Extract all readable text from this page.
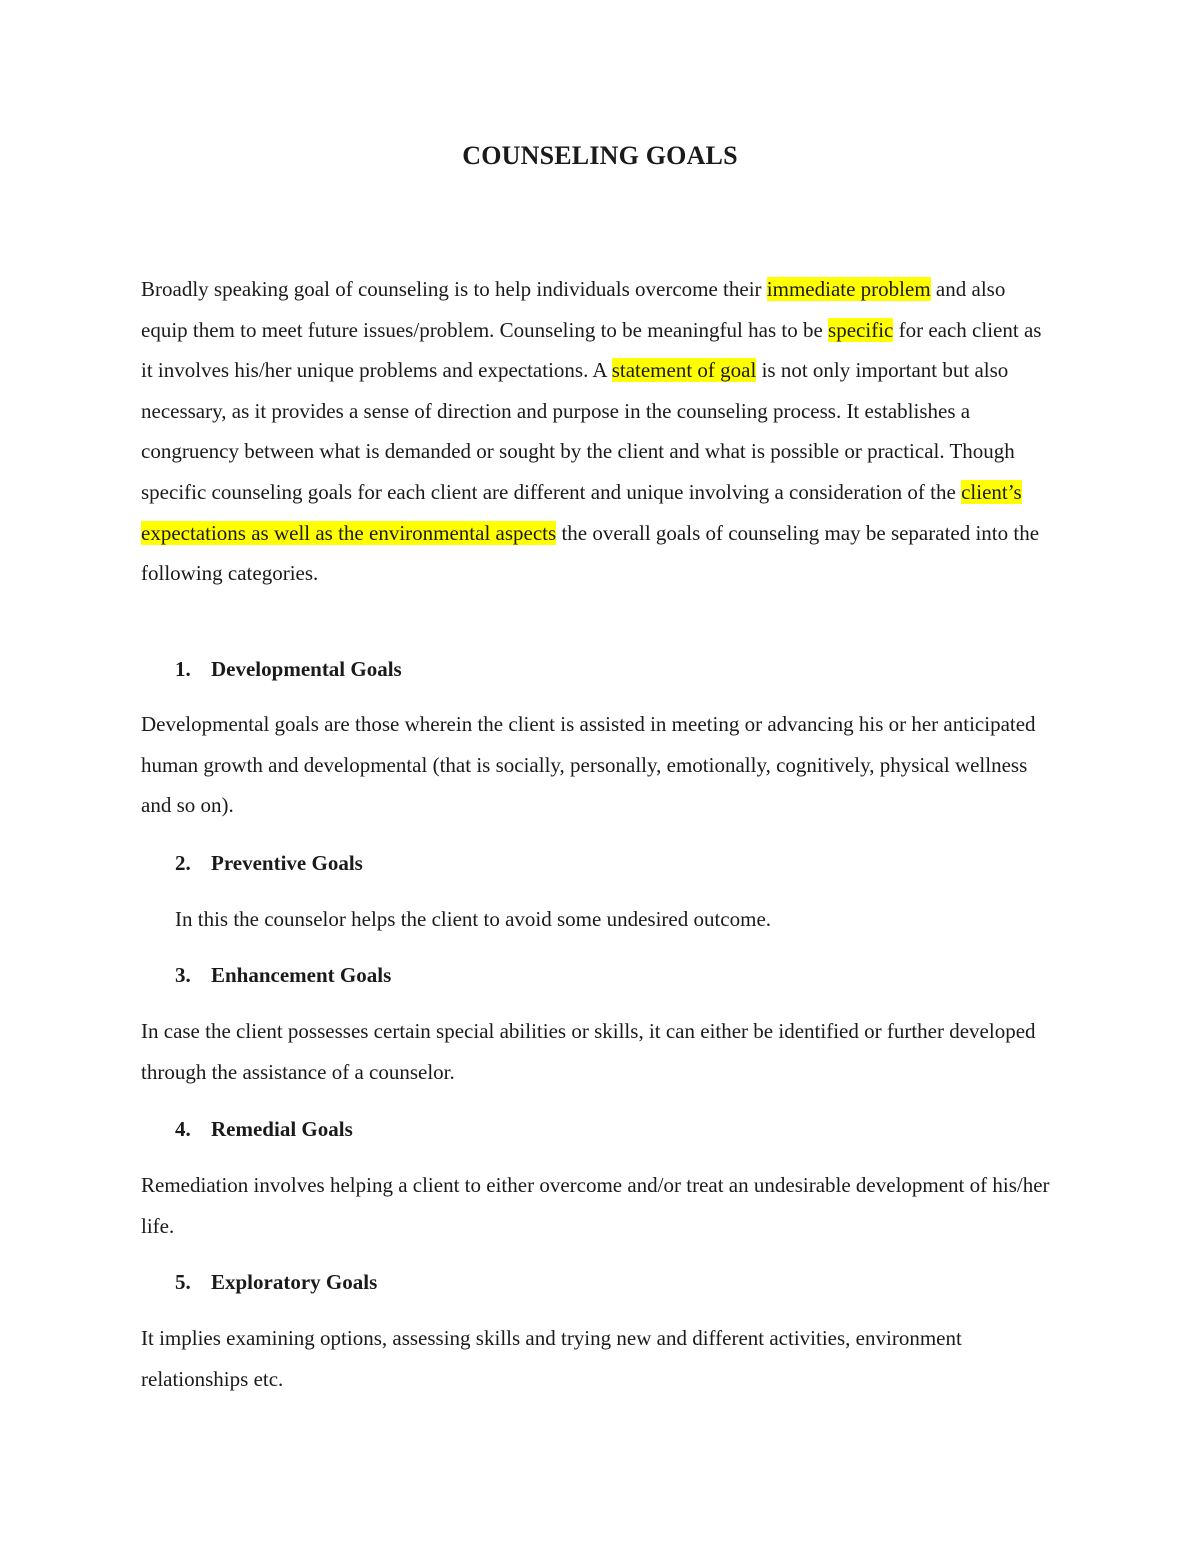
COUNSELING GOALS

Broadly speaking goal of counseling is to help individuals overcome their immediate problem and also equip them to meet future issues/problem. Counseling to be meaningful has to be specific for each client as it involves his/her unique problems and expectations. A statement of goal is not only important but also necessary, as it provides a sense of direction and purpose in the counseling process. It establishes a congruency between what is demanded or sought by the client and what is possible or practical. Though specific counseling goals for each client are different and unique involving a consideration of the client’s expectations as well as the environmental aspects the overall goals of counseling may be separated into the following categories.

1. Developmental Goals

Developmental goals are those wherein the client is assisted in meeting or advancing his or her anticipated human growth and developmental (that is socially, personally, emotionally, cognitively, physical wellness and so on).

2. Preventive Goals

In this the counselor helps the client to avoid some undesired outcome.

3. Enhancement Goals

In case the client possesses certain special abilities or skills, it can either be identified or further developed through the assistance of a counselor.

4. Remedial Goals

Remediation involves helping a client to either overcome and/or treat an undesirable development of his/her life.

5. Exploratory Goals

It implies examining options, assessing skills and trying new and different activities, environment relationships etc.
